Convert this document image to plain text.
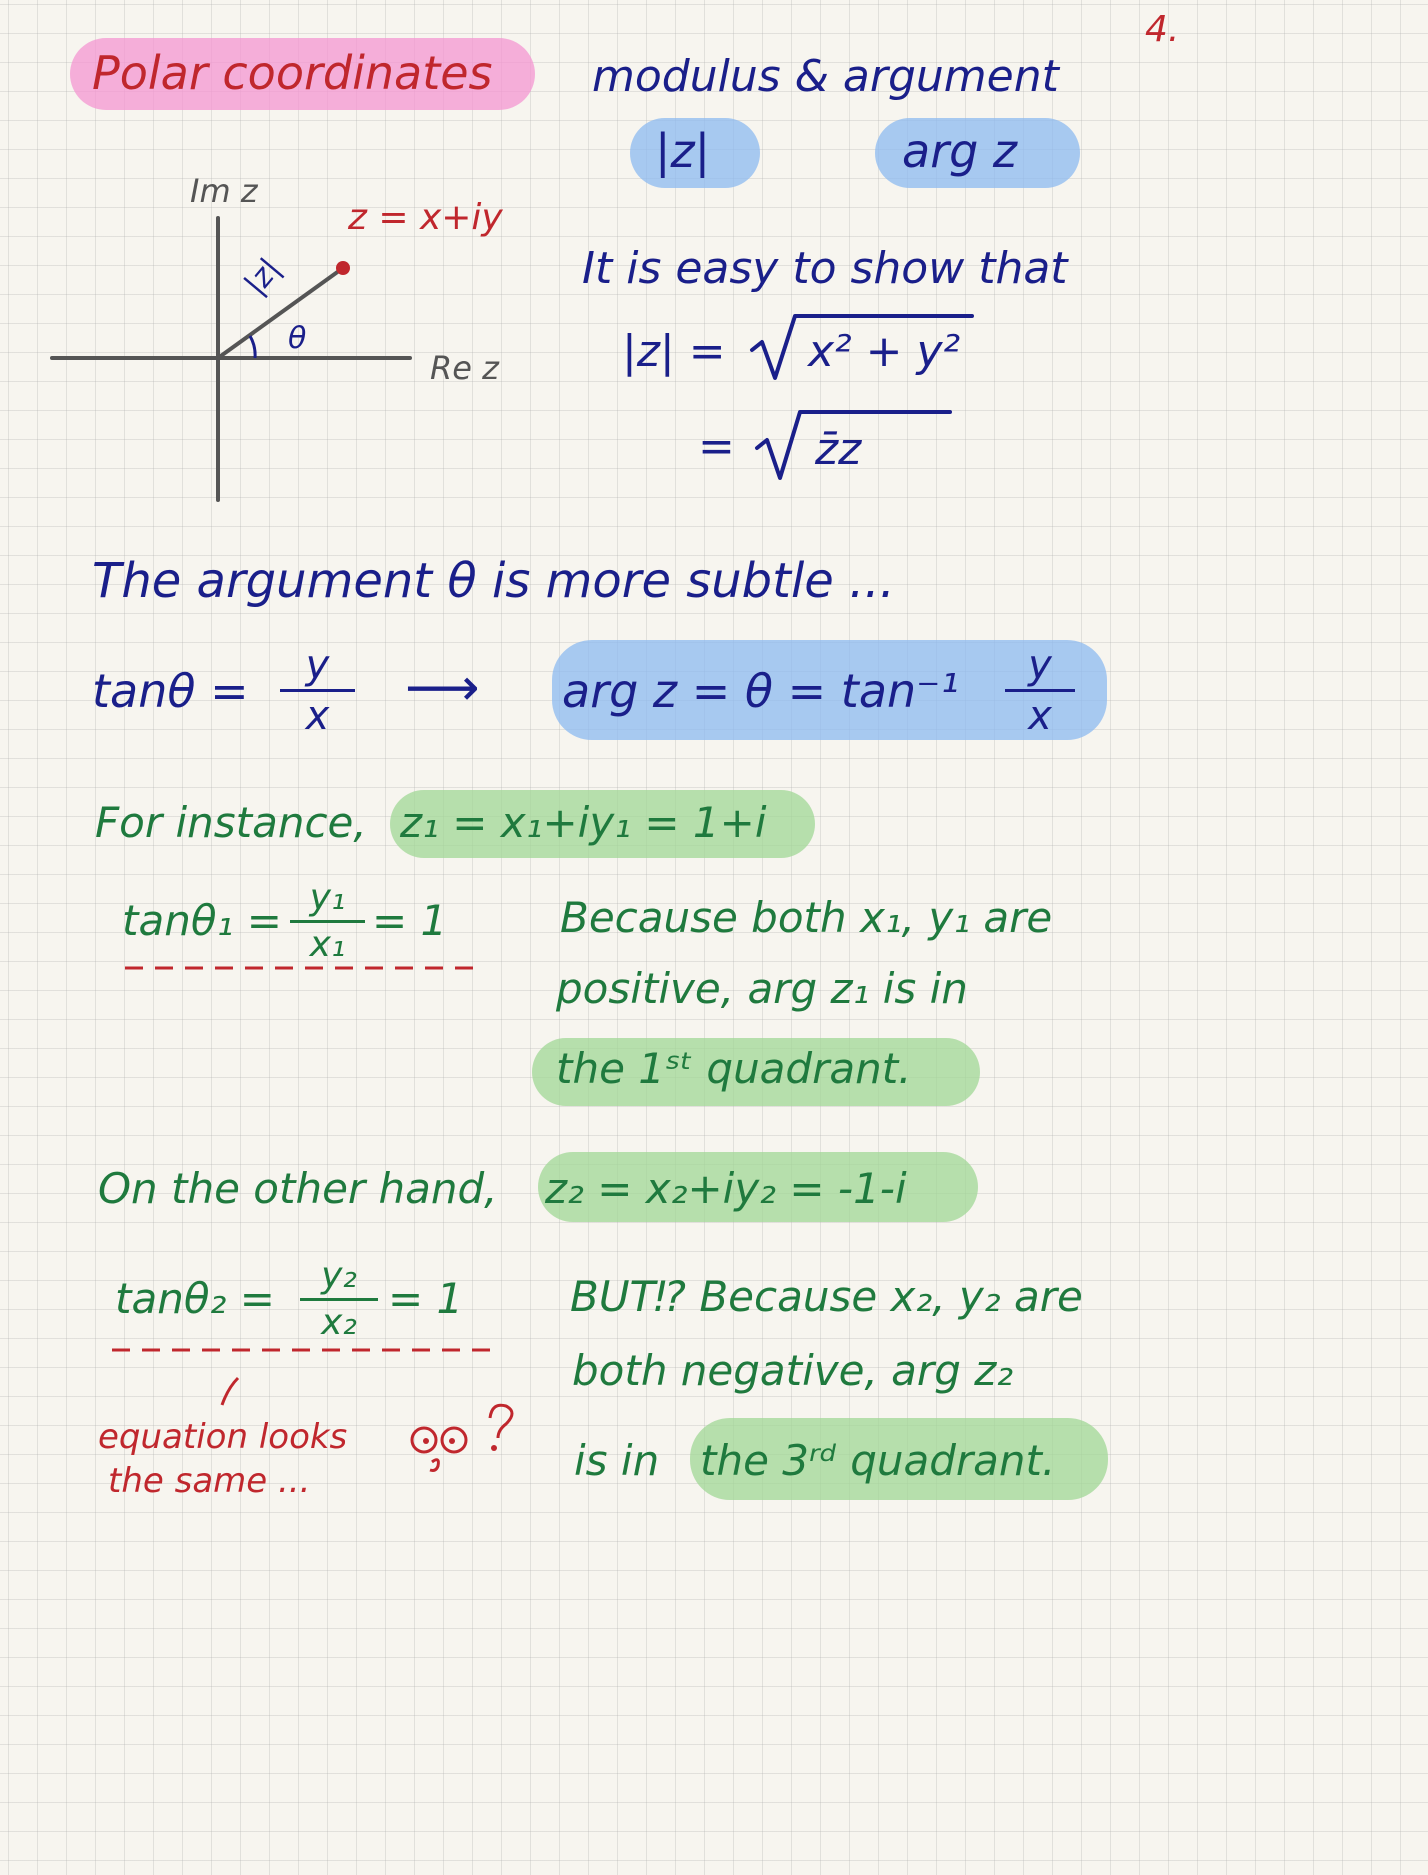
4.
Polar coordinates modulus & argument
|z|	arg z
Im z
Re z
z = x+iy
|z|
θ
It is easy to show that
|z| = x² + y²
= z̄z
The argument θ is more subtle ...
tanθ = y
x ⟶ arg z = θ = tan⁻¹ y
x
For instance, z₁ = x₁+iy₁ = 1+i
tanθ₁ = y₁
x₁ = 1	Because both x₁, y₁ are
positive, arg z₁ is in
the 1ˢᵗ quadrant.
On the other hand, z₂ = x₂+iy₂ = -1-i
tanθ₂ = y₂
x₂ = 1	BUT⁉ Because x₂, y₂ are
both negative, arg z₂
is in the 3ʳᵈ quadrant.
equation looks
the same ...
